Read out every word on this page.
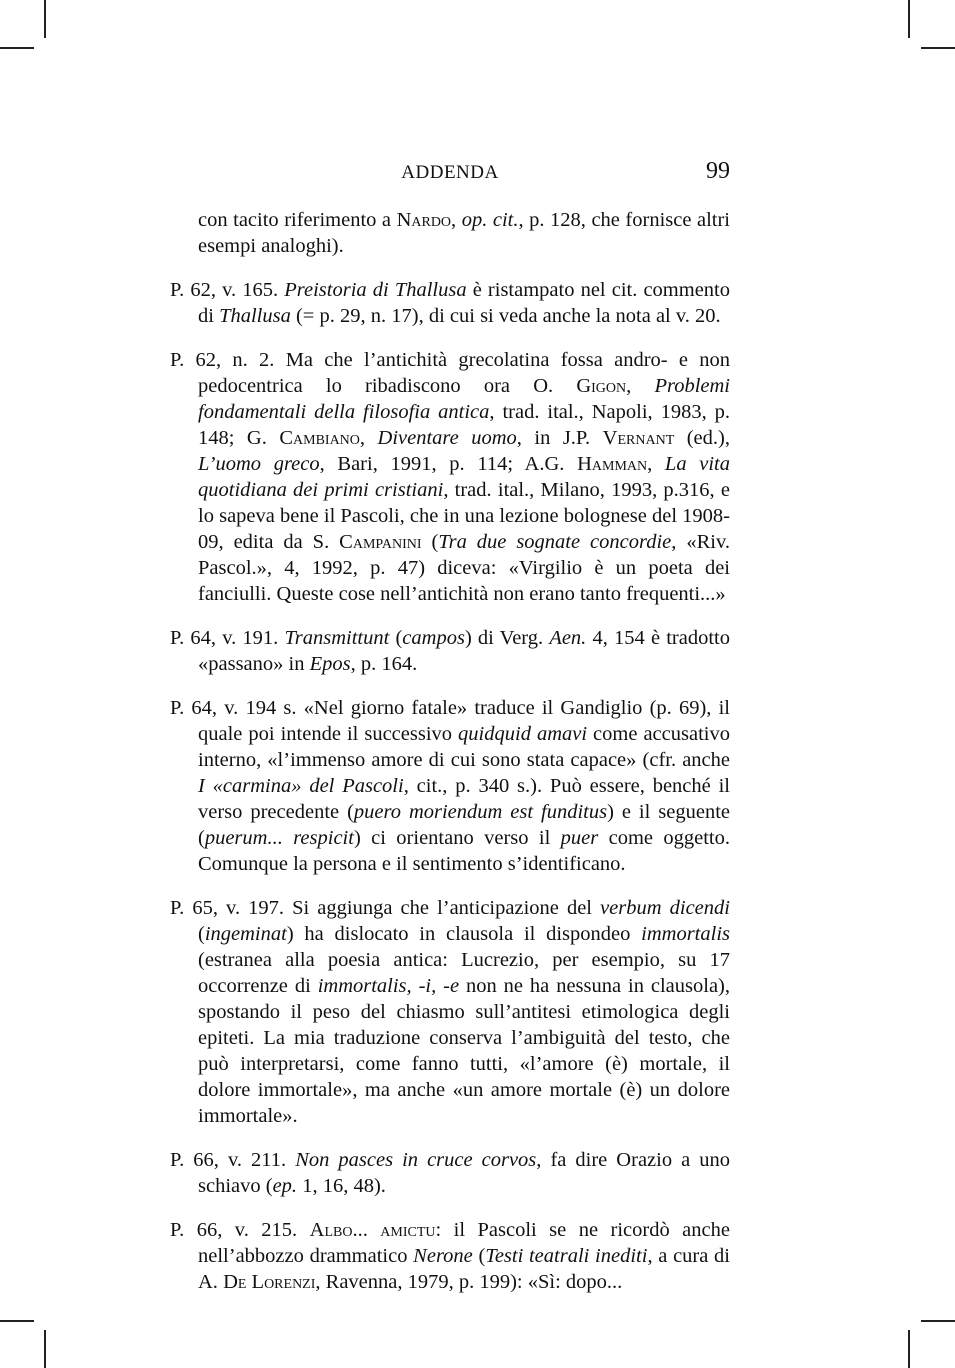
ADDENDA	99

con tacito riferimento a Nardo, op. cit., p. 128, che fornisce altri esempi analoghi).

P. 62, v. 165. Preistoria di Thallusa è ristampato nel cit. commento di Thallusa (= p. 29, n. 17), di cui si veda anche la nota al v. 20.

P. 62, n. 2. Ma che l’antichità grecolatina fossa andro- e non pedocentrica lo ribadiscono ora O. Gigon, Problemi fondamentali della filosofia antica, trad. ital., Napoli, 1983, p. 148; G. Cambiano, Diventare uomo, in J.P. Vernant (ed.), L’uomo greco, Bari, 1991, p. 114; A.G. Hamman, La vita quotidiana dei primi cristiani, trad. ital., Milano, 1993, p.316, e lo sapeva bene il Pascoli, che in una lezione bolognese del 1908-09, edita da S. Campanini (Tra due sognate concordie, «Riv. Pascol.», 4, 1992, p. 47) diceva: «Virgilio è un poeta dei fanciulli. Queste cose nell’antichità non erano tanto frequenti...»

P. 64, v. 191. Transmittunt (campos) di Verg. Aen. 4, 154 è tradotto «passano» in Epos, p. 164.

P. 64, v. 194 s. «Nel giorno fatale» traduce il Gandiglio (p. 69), il quale poi intende il successivo quidquid amavi come accusativo interno, «l’immenso amore di cui sono stata capace» (cfr. anche I «carmina» del Pascoli, cit., p. 340 s.). Può essere, benché il verso precedente (puero moriendum est funditus) e il seguente (puerum... respicit) ci orientano verso il puer come oggetto. Comunque la persona e il sentimento s’identificano.

P. 65, v. 197. Si aggiunga che l’anticipazione del verbum dicendi (ingeminat) ha dislocato in clausola il dispondeo immortalis (estranea alla poesia antica: Lucrezio, per esempio, su 17 occorrenze di immortalis, -i, -e non ne ha nessuna in clausola), spostando il peso del chiasmo sull’antitesi etimologica degli epiteti. La mia traduzione conserva l’ambiguità del testo, che può interpretarsi, come fanno tutti, «l’amore (è) mortale, il dolore immortale», ma anche «un amore mortale (è) un dolore immortale».

P. 66, v. 211. Non pasces in cruce corvos, fa dire Orazio a uno schiavo (ep. 1, 16, 48).

P. 66, v. 215. Albo... amictu: il Pascoli se ne ricordò anche nell’abbozzo drammatico Nerone (Testi teatrali inediti, a cura di A. De Lorenzi, Ravenna, 1979, p. 199): «Sì: dopo...
